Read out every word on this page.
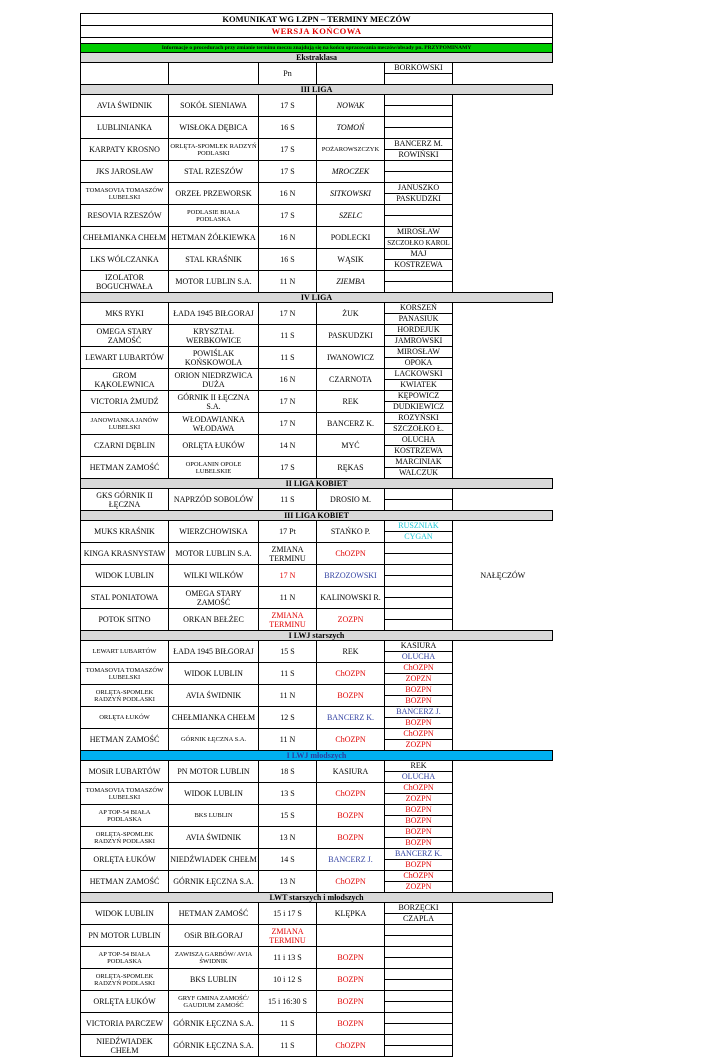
KOMUNIKAT WG LZPN – TERMINY MECZÓW					
WERSJA KOŃCOWA					

Informacje o procedurach przy zmianie terminu meczu znajdują się na końcu opracowania meczów/obsady pn. PRZYPOMINAMY					
Ekstraklasa					
		Pn		BORKOWSKI	

III LIGA					
AVIA ŚWIDNIK	SOKÓŁ SIENIAWA	17 S	NOWAK	

LUBLINIANKA	WISŁOKA DĘBICA	16 S	TOMOŃ	

KARPATY KROSNO	ORLĘTA-SPOMLEK RADZYŃ PODLASKI	17 S	POŻAROWSZCZYK	BANCERZ M.
ROWIŃSKI	

JKS JAROSŁAW	STAL RZESZÓW	17 S	MROCZEK	

TOMASOVIA TOMASZÓW LUBELSKI	ORZEŁ PRZEWORSK	16 N	SITKOWSKI	JANUSZKO
PASKUDZKI	

RESOVIA RZESZÓW	PODLASIE BIAŁA PODLASKA	17 S	SZELC	

CHEŁMIANKA CHEŁM	HETMAN ŻÓŁKIEWKA	16 N	PODLECKI	MIROSŁAW
SZCZOŁKO KAROL	

LKS WÓLCZANKA	STAL KRAŚNIK	16 S	WĄSIK	MAJ
KOSTRZEWA	

IZOLATOR BOGUCHWAŁA	MOTOR LUBLIN S.A.	11 N	ZIEMBA	

IV LIGA					
MKS RYKI	ŁADA 1945 BIŁGORAJ	17 N	ŻUK	KORSZEŃ
PANASIUK	

OMEGA STARY ZAMOŚĆ	KRYSZTAŁ WERBKOWICE	11 S	PASKUDZKI	HORDEJUK
JAMROWSKI	

LEWART LUBARTÓW	POWIŚLAK KOŃSKOWOLA	11 S	IWANOWICZ	MIROSŁAW
OPOKA	

GROM KĄKOLEWNICA	ORION NIEDRZWICA DUŻA	16 N	CZARNOTA	LACKOWSKI
KWIATEK	

VICTORIA ŻMUDŹ	GÓRNIK II ŁĘCZNA S.A.	17 N	REK	KĘPOWICZ
DUDKIEWICZ	

JANOWIANKA JANÓW LUBELSKI	WŁODAWIANKA WŁODAWA	17 N	BANCERZ K.	ROZYŃSKI
SZCZOŁKO Ł.	

CZARNI DĘBLIN	ORLĘTA ŁUKÓW	14 N	MYĆ	OLUCHA
KOSTRZEWA	

HETMAN ZAMOŚĆ	OPOLANIN OPOLE LUBELSKIE	17 S	RĘKAS	MARCINIAK
WALCZUK	

II LIGA KOBIET					
GKS GÓRNIK II ŁĘCZNA	NAPRZÓD SOBOLÓW	11 S	DROSIO M.	

III LIGA KOBIET					
MUKS KRAŚNIK	WIERZCHOWISKA	17 Pt	STAŃKO P.	RUSZNIAK
CYGAN	

KINGA KRASNYSTAW	MOTOR LUBLIN S.A.	ZMIANA TERMINU	ChOZPN	

WIDOK LUBLIN	WILKI WILKÓW	17 N	BRZOZOWSKI		NAŁĘCZÓW
STAL PONIATOWA	OMEGA STARY ZAMOŚĆ	11 N	KALINOWSKI R.	

POTOK SITNO	ORKAN BEŁŻEC	ZMIANA TERMINU	ZOZPN	

I LWJ starszych					
LEWART LUBARTÓW	ŁADA 1945 BIŁGORAJ	15 S	REK	KASIURA
OLUCHA	

TOMASOVIA TOMASZÓW LUBELSKI	WIDOK LUBLIN	11 S	ChOZPN	ChOZPN
ZOPZN	

ORLĘTA-SPOMLEK RADZYŃ PODLASKI	AVIA ŚWIDNIK	11 N	BOZPN	BOZPN
BOZPN	

ORLĘTA ŁUKÓW	CHEŁMIANKA CHEŁM	12 S	BANCERZ K.	BANCERZ J.
BOZPN	

HETMAN ZAMOŚĆ	GÓRNIK ŁĘCZNA S.A.	11 N	ChOZPN	ChOZPN
ZOZPN	

I LWJ młodszych					
MOSiR LUBARTÓW	PN MOTOR LUBLIN	18 S	KASIURA	REK
OLUCHA	

TOMASOVIA TOMASZÓW LUBELSKI	WIDOK LUBLIN	13 S	ChOZPN	ChOZPN
ZOZPN	

AP TOP-54 BIAŁA PODLASKA	BKS LUBLIN	15 S	BOZPN	BOZPN
BOZPN	

ORLĘTA-SPOMLEK RADZYŃ PODLASKI	AVIA ŚWIDNIK	13 N	BOZPN	BOZPN
BOZPN	

ORLĘTA ŁUKÓW	NIEDŹWIADEK CHEŁM	14 S	BANCERZ J.	BANCERZ K.
BOZPN	

HETMAN ZAMOŚĆ	GÓRNIK ŁĘCZNA S.A.	13 N	ChOZPN	ChOZPN
ZOZPN	

LWT starszych i młodszych					
WIDOK LUBLIN	HETMAN ZAMOŚĆ	15 i 17 S	KLĘPKA	BORZĘCKI
CZAPLA	

PN MOTOR LUBLIN	OSiR BIŁGORAJ	ZMIANA TERMINU		

AP TOP-54 BIAŁA PODLASKA	ZAWISZA GARBÓW/ AVIA ŚWIDNIK	11 i 13 S	BOZPN	

ORLĘTA-SPOMLEK RADZYŃ PODLASKI	BKS LUBLIN	10 i 12 S	BOZPN	

ORLĘTA ŁUKÓW	GRYF GMINA ZAMOŚĆ/ GAUDIUM ZAMOŚĆ	15 i 16:30 S	BOZPN	

VICTORIA PARCZEW	GÓRNIK ŁĘCZNA S.A.	11 S	BOZPN	

NIEDŹWIADEK CHEŁM	GÓRNIK ŁĘCZNA S.A.	11 S	ChOZPN	
